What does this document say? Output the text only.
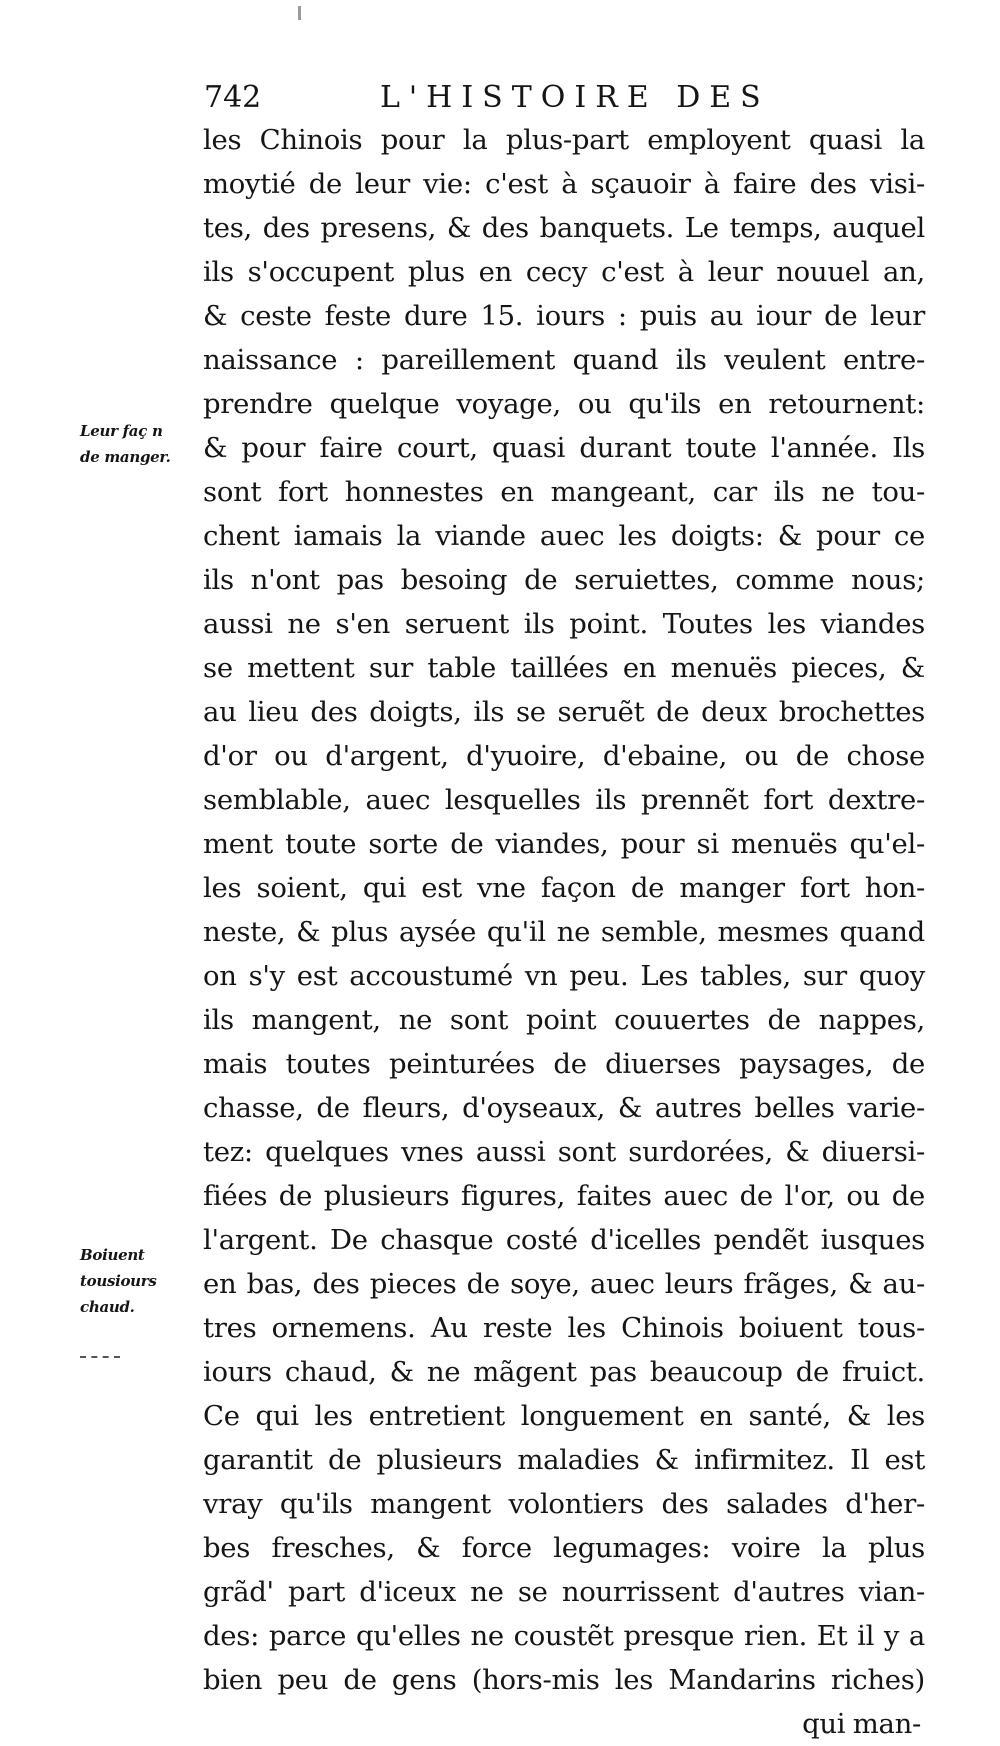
742	L'HISTOIRE DES
Leur faç n
de manger.
Boiuent
tousiours
chaud.
les Chinois pour la plus-part employent quasi la
moytié de leur vie: c'est à sçauoir à faire des visi-
tes, des presens, & des banquets. Le temps, auquel
ils s'occupent plus en cecy c'est à leur nouuel an,
& ceste feste dure 15. iours : puis au iour de leur
naissance : pareillement quand ils veulent entre-
prendre quelque voyage, ou qu'ils en retournent:
& pour faire court, quasi durant toute l'année. Ils
sont fort honnestes en mangeant, car ils ne tou-
chent iamais la viande auec les doigts: & pour ce
ils n'ont pas besoing de seruiettes, comme nous;
aussi ne s'en seruent ils point. Toutes les viandes
se mettent sur table taillées en menuës pieces, &
au lieu des doigts, ils se seruẽt de deux brochettes
d'or ou d'argent, d'yuoire, d'ebaine, ou de chose
semblable, auec lesquelles ils prennẽt fort dextre-
ment toute sorte de viandes, pour si menuës qu'el-
les soient, qui est vne façon de manger fort hon-
neste, & plus aysée qu'il ne semble, mesmes quand
on s'y est accoustumé vn peu. Les tables, sur quoy
ils mangent, ne sont point couuertes de nappes,
mais toutes peinturées de diuerses paysages, de
chasse, de fleurs, d'oyseaux, & autres belles varie-
tez: quelques vnes aussi sont surdorées, & diuersi-
fiées de plusieurs figures, faites auec de l'or, ou de
l'argent. De chasque costé d'icelles pendẽt iusques
en bas, des pieces de soye, auec leurs frãges, & au-
tres ornemens. Au reste les Chinois boiuent tous-
iours chaud, & ne mãgent pas beaucoup de fruict.
Ce qui les entretient longuement en santé, & les
garantit de plusieurs maladies & infirmitez. Il est
vray qu'ils mangent volontiers des salades d'her-
bes fresches, & force legumages: voire la plus
grãd' part d'iceux ne se nourrissent d'autres vian-
des: parce qu'elles ne coustẽt presque rien. Et il y a
bien peu de gens (hors-mis les Mandarins riches)
qui man-
